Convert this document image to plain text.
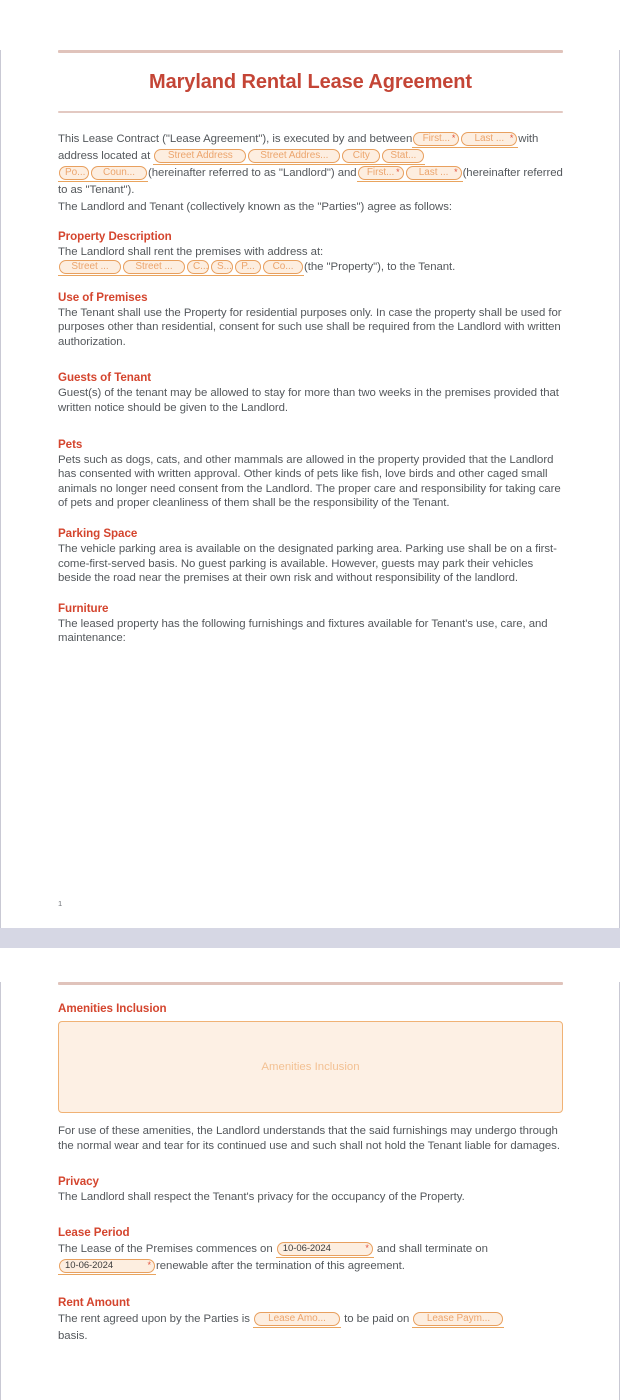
Maryland Rental Lease Agreement

This Lease Contract ("Lease Agreement"), is executed by and between First... * Last ... * with address located at Street Address	Street Addres... City Stat...
Po... Coun... (hereinafter referred to as "Landlord") and First... * Last ... * (hereinafter referred to as "Tenant").

The Landlord and Tenant (collectively known as the "Parties") agree as follows:

Property Description

The Landlord shall rent the premises with address at:

Street ...	Street ... C... S... P... Co... (the "Property"), to the Tenant.

Use of Premises

The Tenant shall use the Property for residential purposes only. In case the property shall be used for purposes other than residential, consent for such use shall be required from the Landlord with written authorization.

Guests of Tenant

Guest(s) of the tenant may be allowed to stay for more than two weeks in the premises provided that written notice should be given to the Landlord.

Pets

Pets such as dogs, cats, and other mammals are allowed in the property provided that the Landlord has consented with written approval. Other kinds of pets like fish, love birds and other caged small animals no longer need consent from the Landlord. The proper care and responsibility for taking care of pets and proper cleanliness of them shall be the responsibility of the Tenant.

Parking Space

The vehicle parking area is available on the designated parking area. Parking use shall be on a first-come-first-served basis. No guest parking is available. However, guests may park their vehicles beside the road near the premises at their own risk and without responsibility of the landlord.

Furniture

The leased property has the following furnishings and fixtures available for Tenant's use, care, and maintenance:

1
Amenities Inclusion
Amenities Inclusion

For use of these amenities, the Landlord understands that the said furnishings may undergo through the normal wear and tear for its continued use and such shall not hold the Tenant liable for damages.

Privacy

The Landlord shall respect the Tenant's privacy for the occupancy of the Property.

Lease Period

The Lease of the Premises commences on 10-06-2024	* and shall terminate on
10-06-2024	* renewable after the termination of this agreement.

Rent Amount

The rent agreed upon by the Parties is Lease Amo... to be paid on Lease Paym...
basis.
